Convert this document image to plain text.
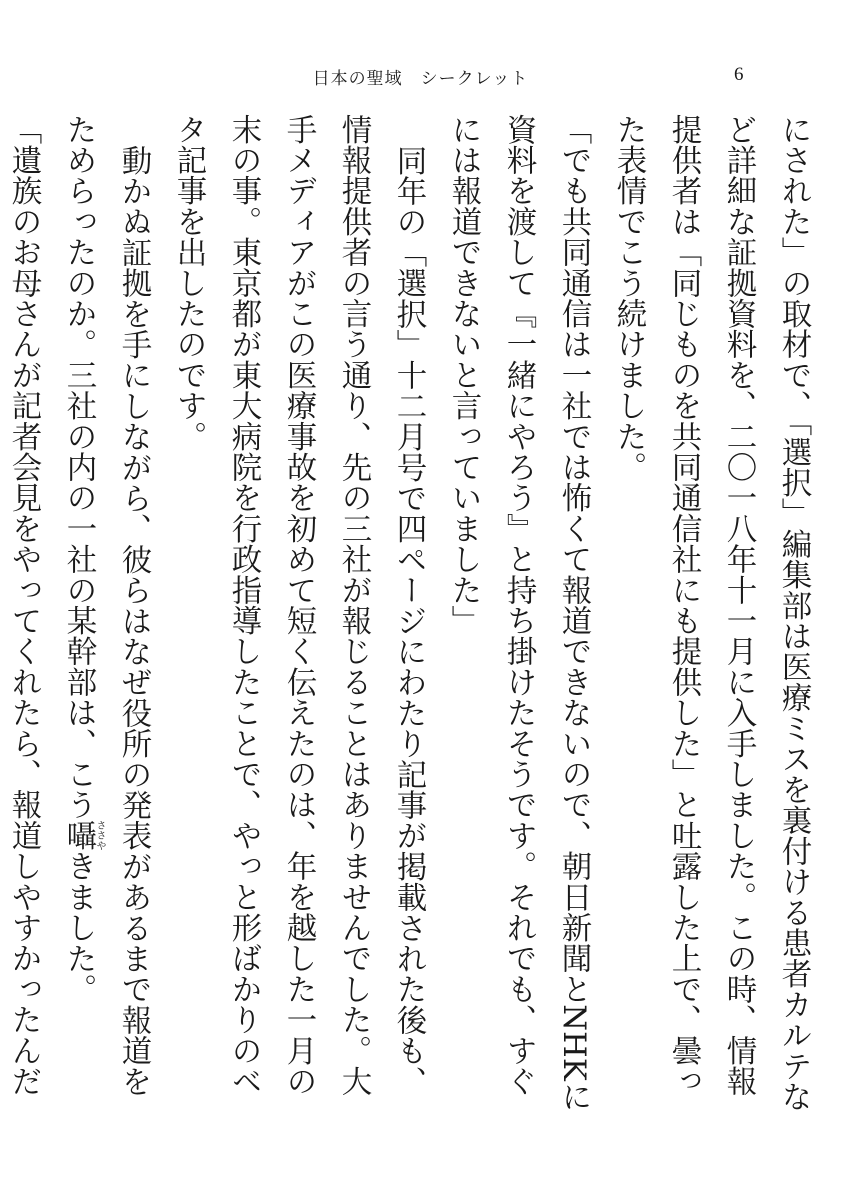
日本の聖域　シークレット	6

にされた」の取材で、「選択」編集部は医療ミスを裏付ける患者カルテなど詳細な証拠資料を、二〇一八年十一月に入手しました。この時、情報提供者は「同じものを共同通信社にも提供した」と吐露した上で、曇った表情でこう続けました。

「でも共同通信は一社では怖くて報道できないので、朝日新聞とNHKに資料を渡して『一緒にやろう』と持ち掛けたそうです。それでも、すぐには報道できないと言っていました」

同年の「選択」十二月号で四ページにわたり記事が掲載された後も、情報提供者の言う通り、先の三社が報じることはありませんでした。大手メディアがこの医療事故を初めて短く伝えたのは、年を越した一月の末の事。東京都が東大病院を行政指導したことで、やっと形ばかりのベタ記事を出したのです。

動かぬ証拠を手にしながら、彼らはなぜ役所の発表があるまで報道をためらったのか。三社の内の一社の某幹部は、こう囁ささやきました。

「遺族のお母さんが記者会見をやってくれたら、報道しやすかったんだ
